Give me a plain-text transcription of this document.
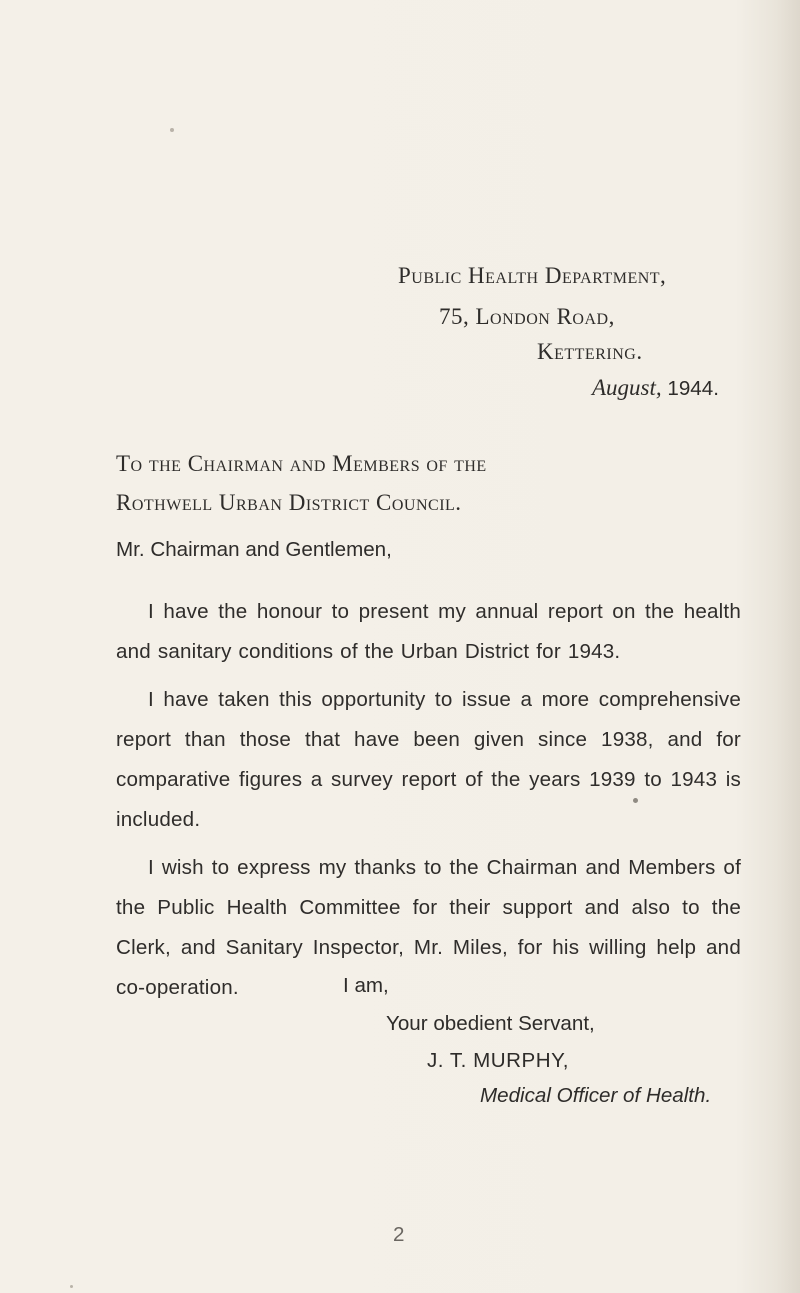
Public Health Department,
75, London Road,
Kettering.
August, 1944.
To the Chairman and Members of the
Rothwell Urban District Council.
Mr. Chairman and Gentlemen,

I have the honour to present my annual report on the health and sanitary conditions of the Urban District for 1943.

I have taken this opportunity to issue a more comprehensive report than those that have been given since 1938, and for comparative figures a survey report of the years 1939 to 1943 is included.

I wish to express my thanks to the Chairman and Members of the Public Health Committee for their support and also to the Clerk, and Sanitary Inspector, Mr. Miles, for his willing help and co-operation.	I am,
Your obedient Servant,
J. T. MURPHY,
Medical Officer of Health.
2
